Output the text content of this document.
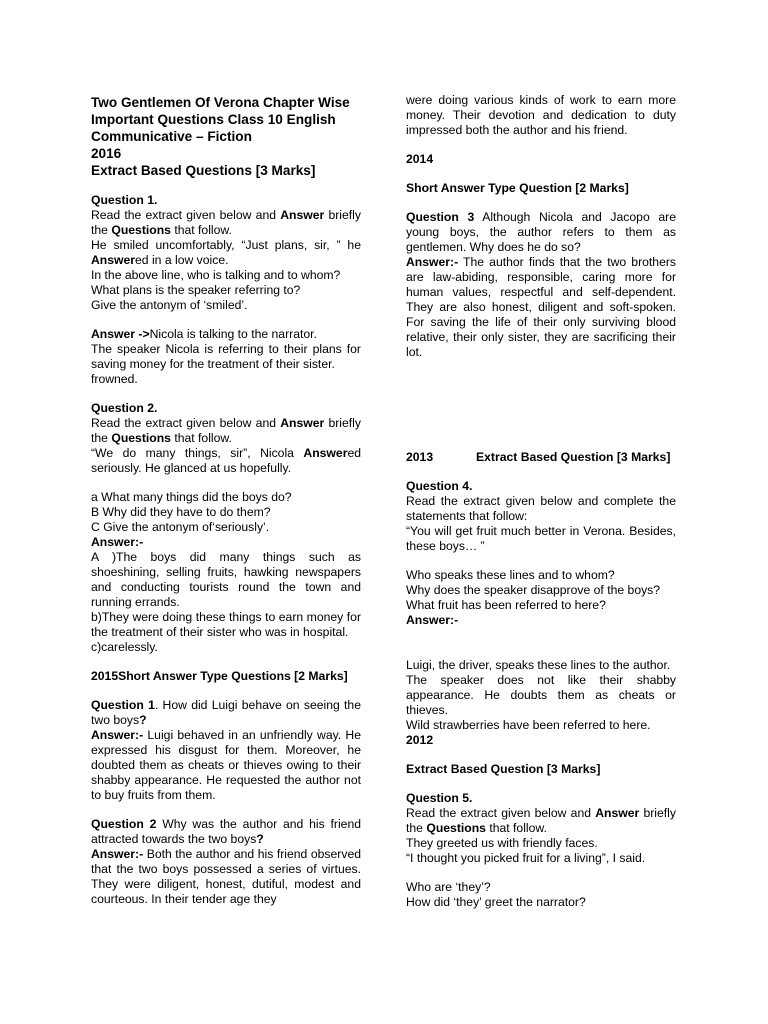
Two Gentlemen Of Verona Chapter Wise

Important Questions Class 10 English

Communicative – Fiction

2016

Extract Based Questions [3 Marks]

Question 1.

Read the extract given below and Answer briefly the Questions that follow.

He smiled uncomfortably, “Just plans, sir, ” he Answered in a low voice.

In the above line, who is talking and to whom?

What plans is the speaker referring to?

Give the antonym of ‘smiled’.

Answer ->Nicola is talking to the narrator.

The speaker Nicola is referring to their plans for saving money for the treatment of their sister.

frowned.

Question 2.

Read the extract given below and Answer briefly the Questions that follow.

“We do many things, sir”, Nicola Answered seriously. He glanced at us hopefully.

a What many things did the boys do?

B Why did they have to do them?

C Give the antonym of‘seriously’.

Answer:-

A )The boys did many things such as shoeshining, selling fruits, hawking newspapers and conducting tourists round the town and running errands.

b)They were doing these things to earn money for the treatment of their sister who was in hospital.

c)carelessly.

2015Short Answer Type Questions [2 Marks]

Question 1. How did Luigi behave on seeing the two boys?

Answer:- Luigi behaved in an unfriendly way. He expressed his disgust for them. Moreover, he doubted them as cheats or thieves owing to their shabby appearance. He requested the author not to buy fruits from them.

Question 2 Why was the author and his friend attracted towards the two boys?

Answer:- Both the author and his friend observed that the two boys possessed a series of virtues. They were diligent, honest, dutiful, modest and courteous. In their tender age they

were doing various kinds of work to earn more money. Their devotion and dedication to duty impressed both the author and his friend.

2014

Short Answer Type Question [2 Marks]

Question 3 Although Nicola and Jacopo are young boys, the author refers to them as gentlemen. Why does he do so?

Answer:- The author finds that the two brothers are law-abiding, responsible, caring more for human values, respectful and self-dependent. They are also honest, diligent and soft-spoken. For saving the life of their only surviving blood relative, their only sister, they are sacrificing their lot.

2013	Extract Based Question [3 Marks]

Question 4.

Read the extract given below and complete the statements that follow:

“You will get fruit much better in Verona. Besides, these boys… ”

Who speaks these lines and to whom?

Why does the speaker disapprove of the boys?

What fruit has been referred to here?

Answer:-

Luigi, the driver, speaks these lines to the author.

The speaker does not like their shabby appearance. He doubts them as cheats or thieves.

Wild strawberries have been referred to here.

2012

Extract Based Question [3 Marks]

Question 5.

Read the extract given below and Answer briefly the Questions that follow.

They greeted us with friendly faces.

“I thought you picked fruit for a living”, I said.

Who are ‘they’?

How did ‘they’ greet the narrator?
